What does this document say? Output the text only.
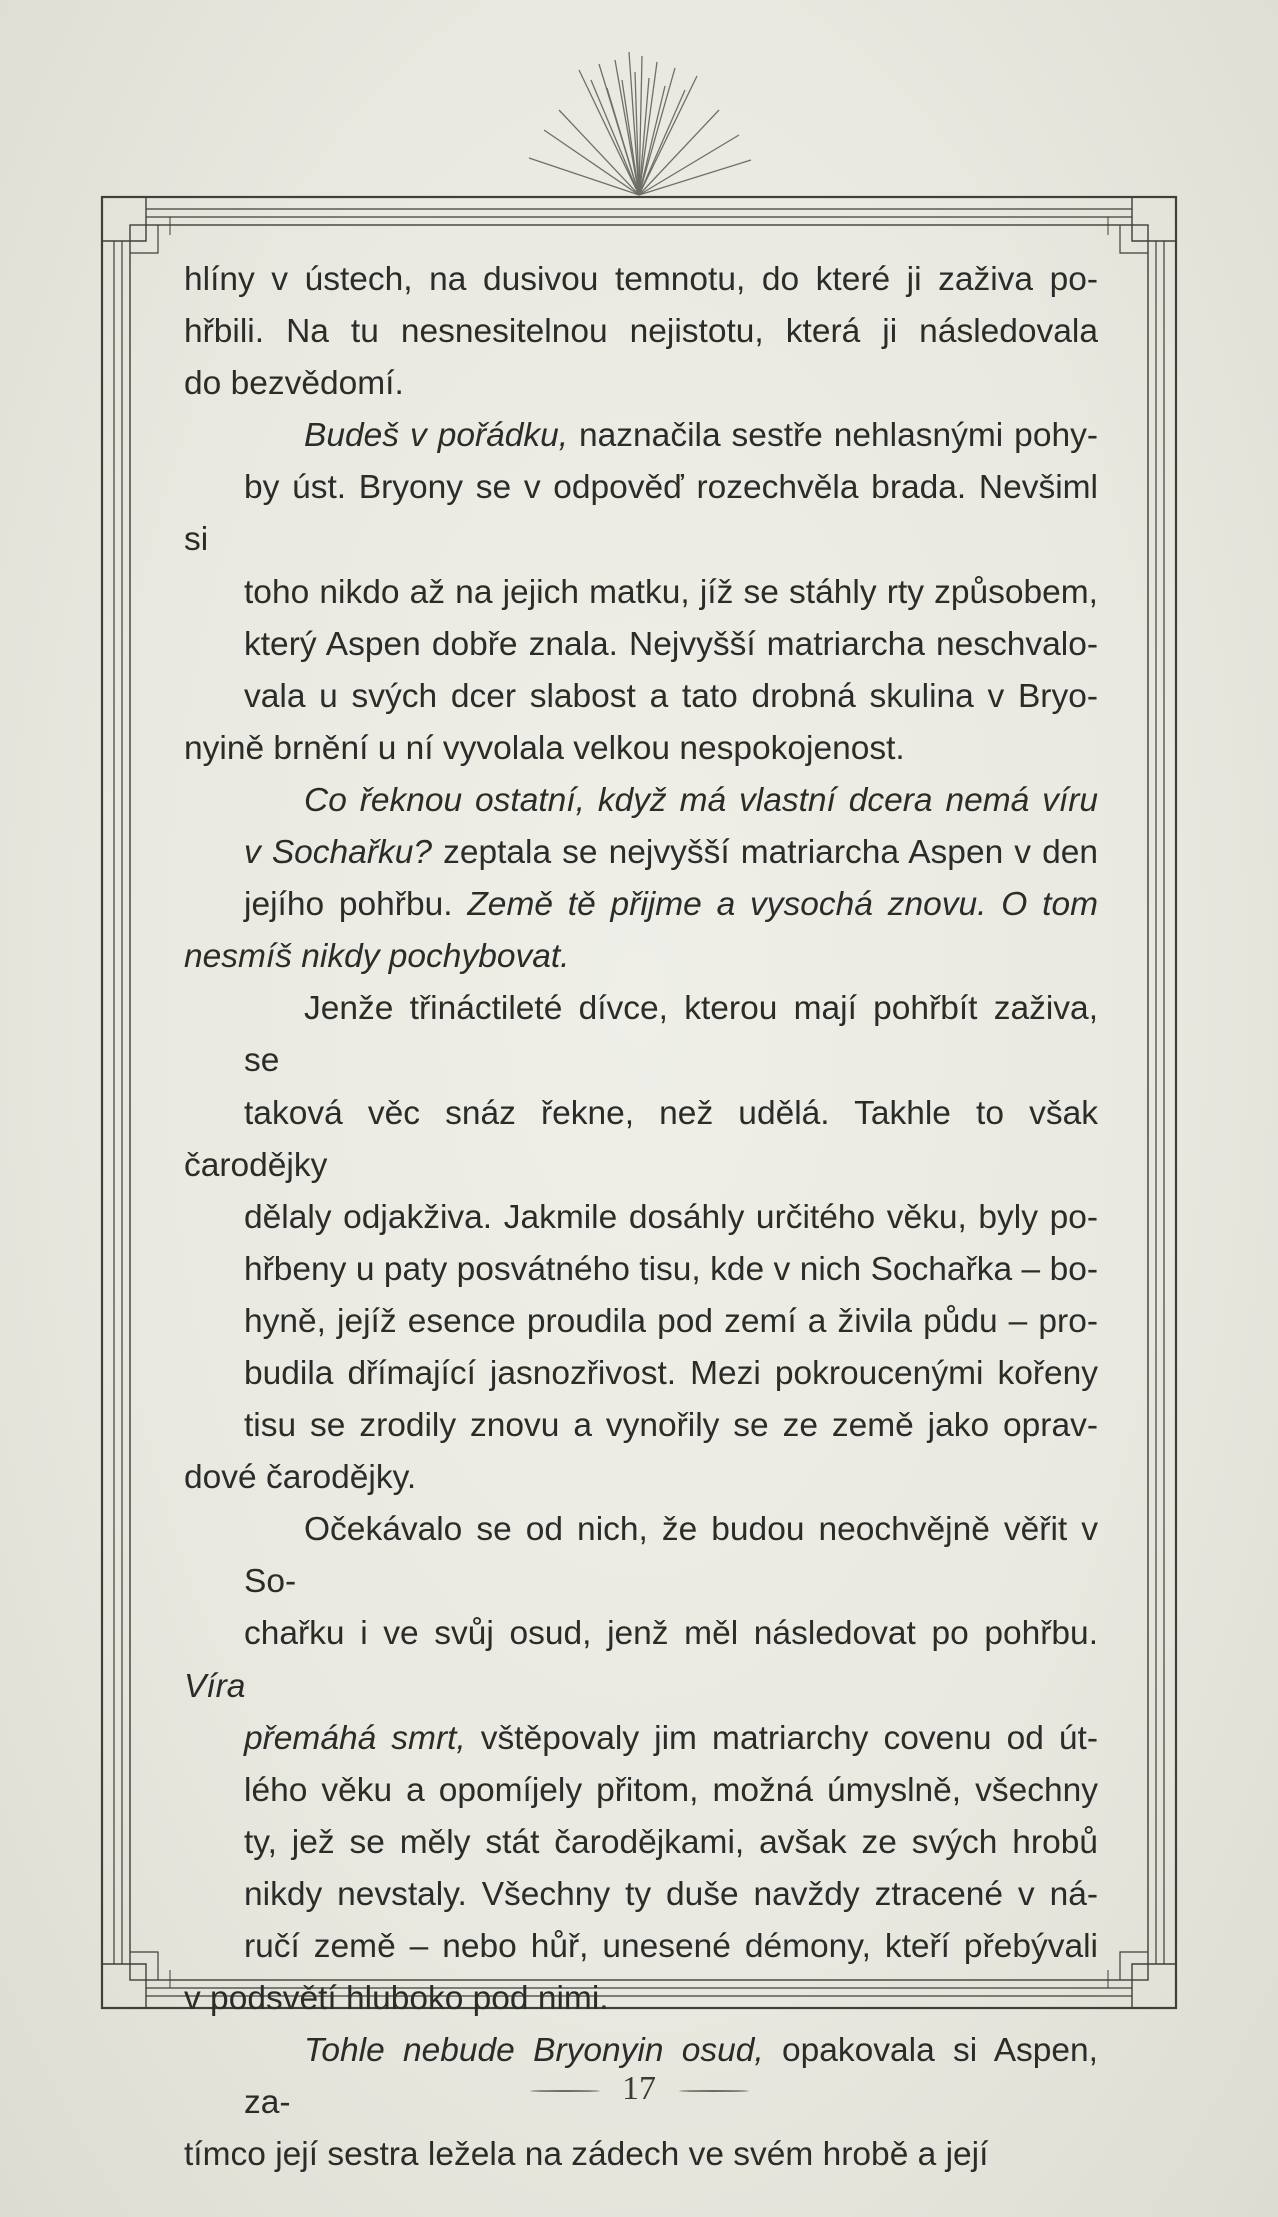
hlíny v ústech, na dusivou temnotu, do které ji zaživa po-
hřbili. Na tu nesnesitelnou nejistotu, která ji následovala
do bezvědomí.

Budeš v pořádku, naznačila sestře nehlasnými pohy-
by úst. Bryony se v odpověď rozechvěla brada. Nevšiml si
toho nikdo až na jejich matku, jíž se stáhly rty způsobem,
který Aspen dobře znala. Nejvyšší matriarcha neschvalo-
vala u svých dcer slabost a tato drobná skulina v Bryo-
nyině brnění u ní vyvolala velkou nespokojenost.

Co řeknou ostatní, když má vlastní dcera nemá víru
v Sochařku? zeptala se nejvyšší matriarcha Aspen v den
jejího pohřbu. Země tě přijme a vysochá znovu. O tom
nesmíš nikdy pochybovat.

Jenže třináctileté dívce, kterou mají pohřbít zaživa, se
taková věc snáz řekne, než udělá. Takhle to však čarodějky
dělaly odjakživa. Jakmile dosáhly určitého věku, byly po-
hřbeny u paty posvátného tisu, kde v nich Sochařka – bo-
hyně, jejíž esence proudila pod zemí a živila půdu – pro-
budila dřímající jasnozřivost. Mezi pokroucenými kořeny
tisu se zrodily znovu a vynořily se ze země jako oprav-
dové čarodějky.

Očekávalo se od nich, že budou neochvějně věřit v So-
chařku i ve svůj osud, jenž měl následovat po pohřbu. Víra
přemáhá smrt, vštěpovaly jim matriarchy covenu od út-
lého věku a opomíjely přitom, možná úmyslně, všechny
ty, jež se měly stát čarodějkami, avšak ze svých hrobů
nikdy nevstaly. Všechny ty duše navždy ztracené v ná-
ručí země – nebo hůř, unesené démony, kteří přebývali
v podsvětí hluboko pod nimi.

Tohle nebude Bryonyin osud, opakovala si Aspen, za-
tímco její sestra ležela na zádech ve svém hrobě a její

17
